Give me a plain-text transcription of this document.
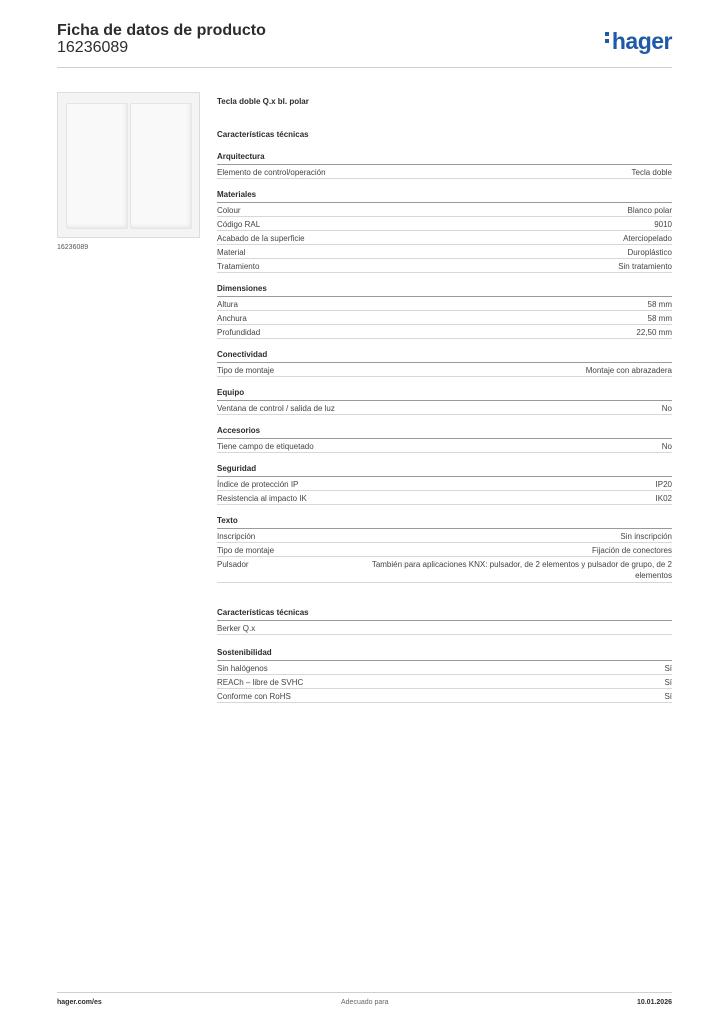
Ficha de datos de producto
16236089	hager
16236089
Tecla doble Q.x bl. polar
Características técnicas
Arquitectura
Elemento de control/operación	Tecla doble
Materiales
Colour	Blanco polar
Código RAL	9010
Acabado de la superficie	Aterciopelado
Material	Duroplástico
Tratamiento	Sin tratamiento
Dimensiones
Altura	58 mm
Anchura	58 mm
Profundidad	22,50 mm
Conectividad
Tipo de montaje	Montaje con abrazadera
Equipo
Ventana de control / salida de luz	No
Accesorios
Tiene campo de etiquetado	No
Seguridad
Índice de protección IP	IP20
Resistencia al impacto IK	IK02
Texto
Inscripción	Sin inscripción
Tipo de montaje	Fijación de conectores
Pulsador	También para aplicaciones KNX: pulsador, de 2 elementos y pulsador de grupo, de 2 elementos
Características técnicas
Berker Q.x
Sostenibilidad
Sin halógenos	Sí
REACh – libre de SVHC	Sí
Conforme con RoHS	Sí
hager.com/es	Adecuado para	10.01.2026
